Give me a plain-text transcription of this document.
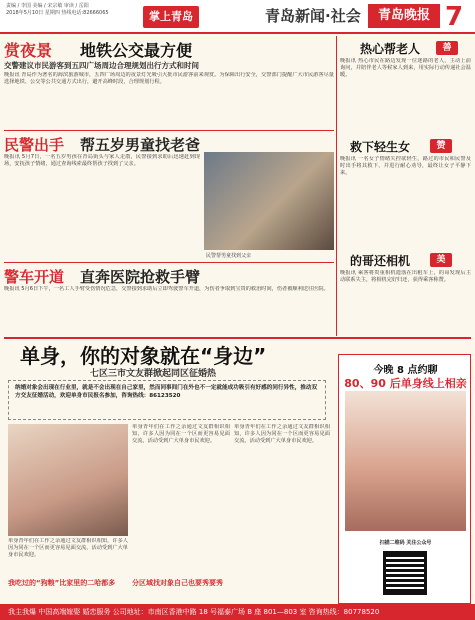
责编 / 李国 美编 / 宋宗敏 审读 / 岳阳
2018年5月10日 星期四 热线电话:82666065	掌上青岛	青岛新闻·社会	青岛晚报 7
赏夜景 地铁公交最方便
交警建议市民游客到五四广场周边合理规划出行方式和时间
晚报讯 青岛作为著名的海滨旅游城市，五四广场周边的夜景灯光吸引大批市民游客前来观赏。为保障出行安全，交警部门提醒广大市民游客尽量选择地铁、公交等公共交通方式出行，避开高峰时段，合理规划行程。
民警出手 帮五岁男童找老爸
晚报讯 5月7日，一名五岁男孩在青岛街头与家人走散，民警接到求助后迅速赶到现场，安抚孩子情绪，通过查询线索最终帮孩子找到了父亲。
民警帮男童找到父亲
警车开道 直奔医院抢救手臂
晚报讯 5月6日下午，一名工人手臂受伤情况危急，交警接到求助后立即驾驶警车开道，为伤者争取到宝贵的救治时间，伤者被顺利送往医院。
热心帮老人	善
晚报讯 热心市民在路边发现一位迷路的老人，主动上前询问，并陪伴老人等候家人到来，用实际行动传递社会温暖。
救下轻生女	赞
晚报讯 一名女子情绪失控欲轻生，路过的市民和民警及时出手将其救下，并进行耐心劝导，最终让女子平静下来。
的哥还相机	美
晚报讯 乘客将贵重相机遗落在出租车上，的哥发现后主动联系失主，将相机完好归还，获得乘客称赞。
单身，你的对象就在“身边”
七区三市文友群掀起同区征婚热
纳婚对象会出现在行业里，就是不会出现在自己家里，然而同事间门在外也不一定就能成功吸引有好感的同行异性，推动双方交友征婚活动，欢迎单身市民报名参加，咨询热线：86123520
单身青年们在工作之余通过文友群相识相知，许多人因为同在一个区而更容易见面交流，活动受到广大单身市民欢迎。
单身青年们在工作之余通过文友群相识相知，许多人因为同在一个区而更容易见面交流，活动受到广大单身市民欢迎。
单身青年们在工作之余通过文友群相识相知，许多人因为同在一个区而更容易见面交流，活动受到广大单身市民欢迎。
我吃过的“狗粮”比家里的二哈都多	分区域找对象自己也要秀要秀
今晚 8 点约聊
80、90 后单身线上相亲
扫描二维码 关注公众号
我主我爆 中国高端嫁娶 婚恋服务 公司地址：市南区香港中路 18 号福泰广场 B 座 801—803 室 咨询热线：80778520
